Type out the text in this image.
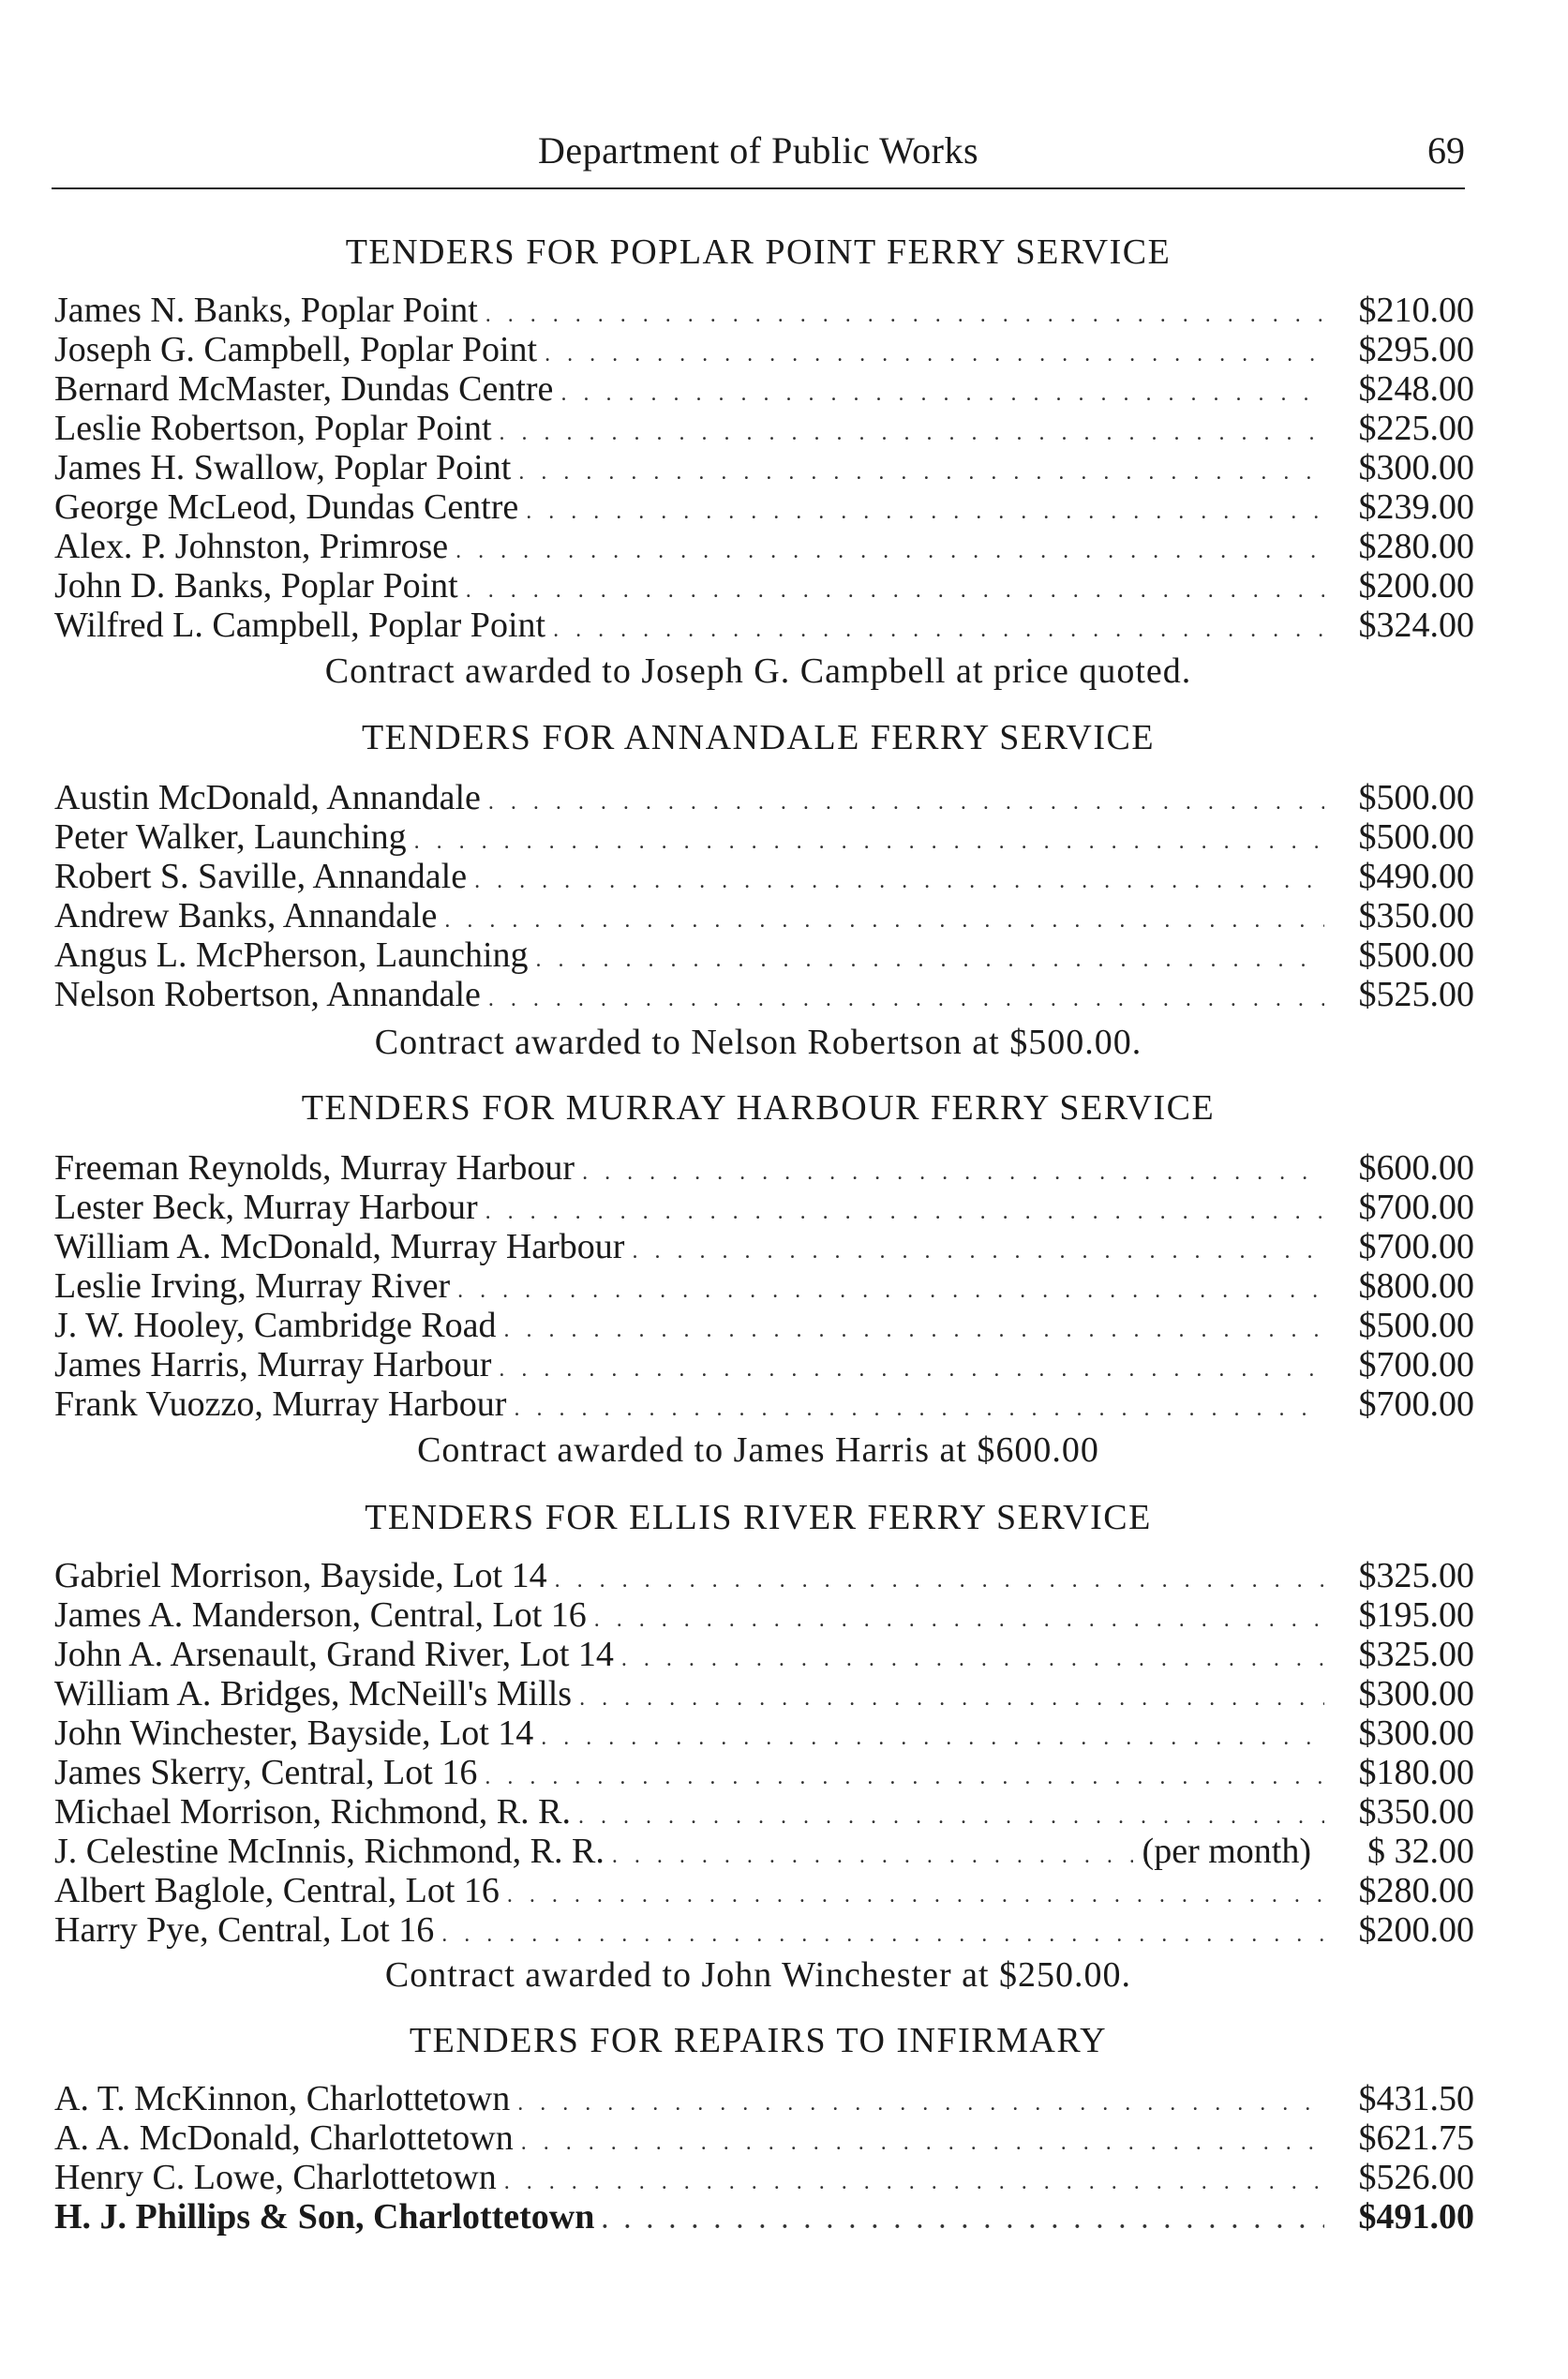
Department of Public Works	69
TENDERS FOR POPLAR POINT FERRY SERVICE
James N. Banks, Poplar Point . . .	$210.00
Joseph G. Campbell, Poplar Point . . .	$295.00
Bernard McMaster, Dundas Centre . . .	$248.00
Leslie Robertson, Poplar Point . . .	$225.00
James H. Swallow, Poplar Point . . .	$300.00
George McLeod, Dundas Centre . . .	$239.00
Alex. P. Johnston, Primrose . . .	$280.00
John D. Banks, Poplar Point . . .	$200.00
Wilfred L. Campbell, Poplar Point . . .	$324.00
Contract awarded to Joseph G. Campbell at price quoted.
TENDERS FOR ANNANDALE FERRY SERVICE
Austin McDonald, Annandale . . .	$500.00
Peter Walker, Launching . . .	$500.00
Robert S. Saville, Annandale . . .	$490.00
Andrew Banks, Annandale . . .	$350.00
Angus L. McPherson, Launching . . .	$500.00
Nelson Robertson, Annandale . . .	$525.00
Contract awarded to Nelson Robertson at $500.00.
TENDERS FOR MURRAY HARBOUR FERRY SERVICE
Freeman Reynolds, Murray Harbour . . .	$600.00
Lester Beck, Murray Harbour . . .	$700.00
William A. McDonald, Murray Harbour . . .	$700.00
Leslie Irving, Murray River . . .	$800.00
J. W. Hooley, Cambridge Road . . .	$500.00
James Harris, Murray Harbour . . .	$700.00
Frank Vuozzo, Murray Harbour . . .	$700.00
Contract awarded to James Harris at $600.00
TENDERS FOR ELLIS RIVER FERRY SERVICE
Gabriel Morrison, Bayside, Lot 14 . . .	$325.00
James A. Manderson, Central, Lot 16 . . .	$195.00
John A. Arsenault, Grand River, Lot 14 . . .	$325.00
William A. Bridges, McNeill's Mills . . .	$300.00
John Winchester, Bayside, Lot 14 . . .	$300.00
James Skerry, Central, Lot 16 . . .	$180.00
Michael Morrison, Richmond, R. R. . . .	$350.00
J. Celestine McInnis, Richmond, R. R. . . .	(per month)	$ 32.00
Albert Baglole, Central, Lot 16 . . .	$280.00
Harry Pye, Central, Lot 16 . . .	$200.00
Contract awarded to John Winchester at $250.00.
TENDERS FOR REPAIRS TO INFIRMARY
A. T. McKinnon, Charlottetown . . .	$431.50
A. A. McDonald, Charlottetown . . .	$621.75
Henry C. Lowe, Charlottetown . . .	$526.00
H. J. Phillips & Son, Charlottetown . . .	$491.00
